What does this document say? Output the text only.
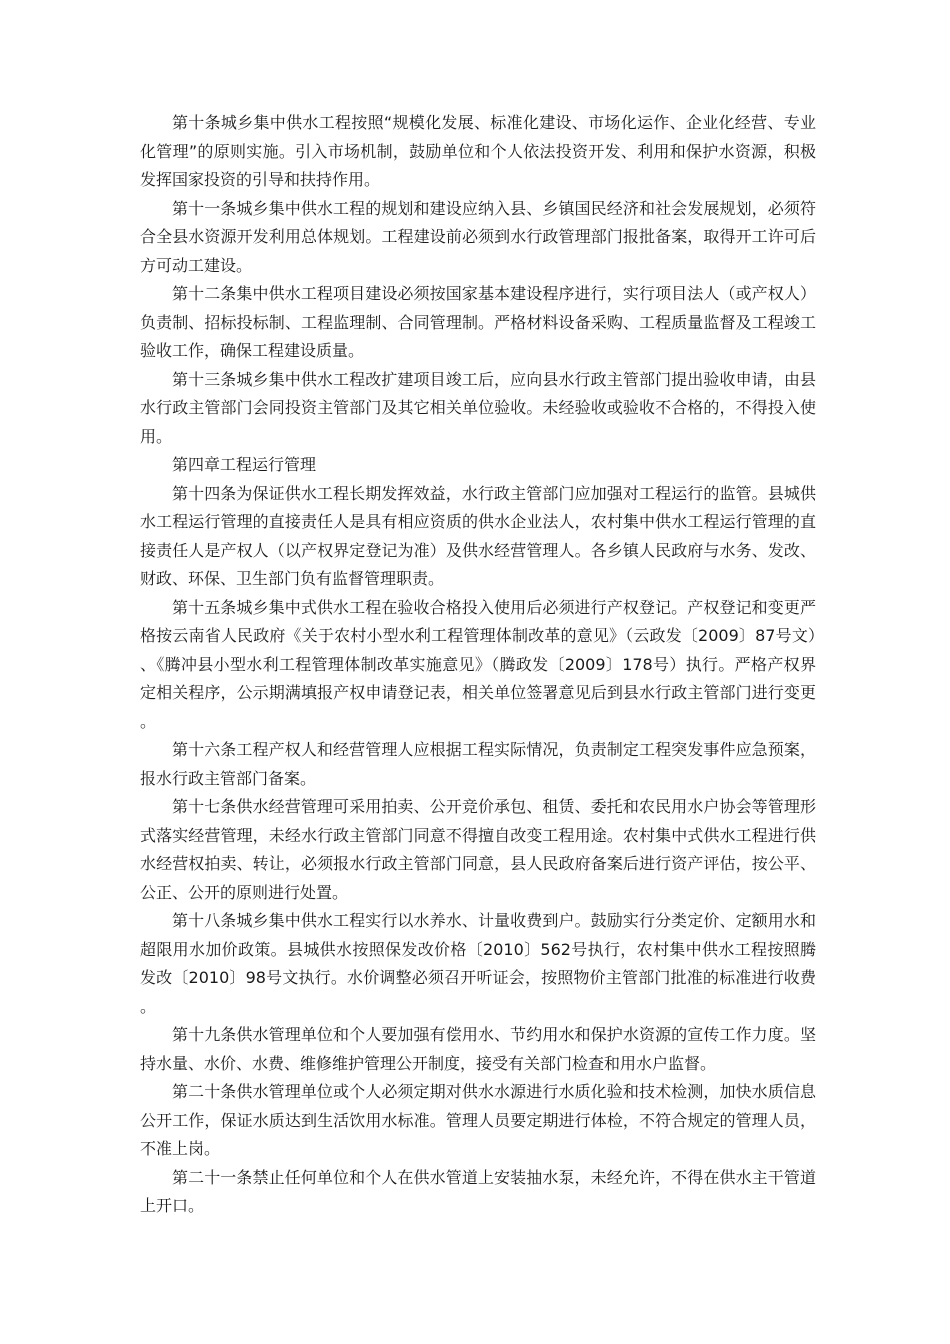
第十条城乡集中供水工程按照“规模化发展、标准化建设、市场化运作、企业化经营、专业化管理”的原则实施。引入市场机制，鼓励单位和个人依法投资开发、利用和保护水资源，积极发挥国家投资的引导和扶持作用。

第十一条城乡集中供水工程的规划和建设应纳入县、乡镇国民经济和社会发展规划，必须符合全县水资源开发利用总体规划。工程建设前必须到水行政管理部门报批备案，取得开工许可后方可动工建设。

第十二条集中供水工程项目建设必须按国家基本建设程序进行，实行项目法人（或产权人）负责制、招标投标制、工程监理制、合同管理制。严格材料设备采购、工程质量监督及工程竣工验收工作，确保工程建设质量。

第十三条城乡集中供水工程改扩建项目竣工后，应向县水行政主管部门提出验收申请，由县水行政主管部门会同投资主管部门及其它相关单位验收。未经验收或验收不合格的，不得投入使用。

第四章工程运行管理

第十四条为保证供水工程长期发挥效益，水行政主管部门应加强对工程运行的监管。县城供水工程运行管理的直接责任人是具有相应资质的供水企业法人，农村集中供水工程运行管理的直接责任人是产权人（以产权界定登记为准）及供水经营管理人。各乡镇人民政府与水务、发改、财政、环保、卫生部门负有监督管理职责。

第十五条城乡集中式供水工程在验收合格投入使用后必须进行产权登记。产权登记和变更严格按云南省人民政府《关于农村小型水利工程管理体制改革的意见》（云政发〔2009〕87号文）、《腾冲县小型水利工程管理体制改革实施意见》（腾政发〔2009〕178号）执行。严格产权界定相关程序，公示期满填报产权申请登记表，相关单位签署意见后到县水行政主管部门进行变更。

第十六条工程产权人和经营管理人应根据工程实际情况，负责制定工程突发事件应急预案，报水行政主管部门备案。

第十七条供水经营管理可采用拍卖、公开竞价承包、租赁、委托和农民用水户协会等管理形式落实经营管理，未经水行政主管部门同意不得擅自改变工程用途。农村集中式供水工程进行供水经营权拍卖、转让，必须报水行政主管部门同意，县人民政府备案后进行资产评估，按公平、公正、公开的原则进行处置。

第十八条城乡集中供水工程实行以水养水、计量收费到户。鼓励实行分类定价、定额用水和超限用水加价政策。县城供水按照保发改价格〔2010〕562号执行，农村集中供水工程按照腾发改〔2010〕98号文执行。水价调整必须召开听证会，按照物价主管部门批准的标准进行收费。

第十九条供水管理单位和个人要加强有偿用水、节约用水和保护水资源的宣传工作力度。坚持水量、水价、水费、维修维护管理公开制度，接受有关部门检查和用水户监督。

第二十条供水管理单位或个人必须定期对供水水源进行水质化验和技术检测，加快水质信息公开工作，保证水质达到生活饮用水标准。管理人员要定期进行体检，不符合规定的管理人员，不准上岗。

第二十一条禁止任何单位和个人在供水管道上安装抽水泵，未经允许，不得在供水主干管道上开口。
